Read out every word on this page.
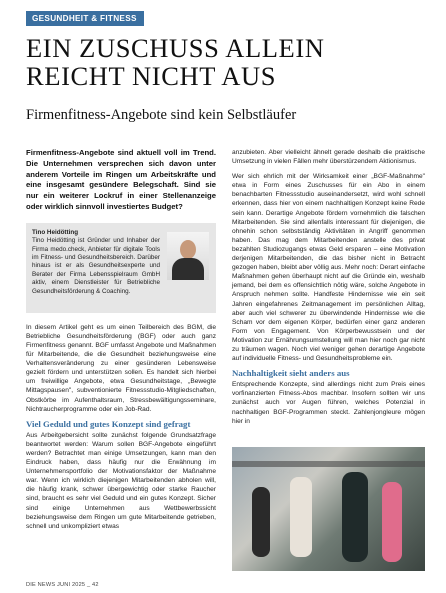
GESUNDHEIT & FITNESS
EIN ZUSCHUSS ALLEIN
REICHT NICHT AUS
Firmenfitness-Angebote sind kein Selbstläufer

Firmenfitness-Angebote sind aktuell voll im Trend. Die Unternehmen versprechen sich davon unter anderem Vorteile im Ringen um Arbeitskräfte und eine insgesamt gesündere Belegschaft. Sind sie nur ein weiterer Lockruf in einer Stellenanzeige oder wirklich sinnvoll investiertes Budget?

Tino Heidötting

Tino Heidötting ist Gründer und Inhaber der Firma medo.check, Anbieter für digitale Tools im Fitness- und Gesundheitsbereich. Darüber hinaus ist er als Gesundheitsexperte und Berater der Firma Lebensspielraum GmbH aktiv, einem Dienstleister für Betriebliche Gesundheitsförderung & Coaching.

In diesem Artikel geht es um einen Teilbereich des BGM, die Betriebliche Gesundheitsförderung (BGF) oder auch ganz Firmenfitness genannt. BGF umfasst Angebote und Maßnahmen für Mitarbeitende, die die Gesundheit beziehungsweise eine Verhaltensveränderung zu einer gesünderen Lebensweise gezielt fördern und unterstützen sollen. Es handelt sich hierbei um freiwillige Angebote, etwa Gesundheitstage, „Bewegte Mittagspausen", subventionierte Fitnessstudio-Mitgliedschaften, Obstkörbe im Aufenthaltsraum, Stressbewältigungsseminare, Nichtraucherprogramme oder ein Job-Rad.

Viel Geduld und gutes Konzept sind gefragt

Aus Arbeitgebersicht sollte zunächst folgende Grundsatzfrage beantwortet werden: Warum sollen BGF-Angebote eingeführt werden? Betrachtet man einige Umsetzungen, kann man den Eindruck haben, dass häufig nur die Erwähnung im Unternehmensportfolio der Motivationsfaktor der Maßnahme war. Wenn ich wirklich diejenigen Mitarbeitenden abholen will, die häufig krank, schwer übergewichtig oder starke Raucher sind, braucht es sehr viel Geduld und ein gutes Konzept. Sicher sind einige Unternehmen aus Wettbewerbssicht beziehungsweise dem Ringen um gute Mitarbeitende getrieben, schnell und unkompliziert etwas

anzubieten. Aber vielleicht ähnelt gerade deshalb die praktische Umsetzung in vielen Fällen mehr überstürzendem Aktionismus.

Wer sich ehrlich mit der Wirksamkeit einer „BGF-Maßnahme" etwa in Form eines Zuschusses für ein Abo in einem benachbarten Fitnessstudio auseinandersetzt, wird wohl schnell erkennen, dass hier von einem nachhaltigen Konzept keine Rede sein kann. Derartige Angebote fördern vornehmlich die falschen Mitarbeitenden. Sie sind allenfalls interessant für diejenigen, die ohnehin schon selbstständig Aktivitäten in Angriff genommen haben. Das mag dem Mitarbeitenden anstelle des privat bezahlten Studiozugangs etwas Geld ersparen – eine Motivation derjenigen Mitarbeitenden, die das bisher nicht in Betracht gezogen haben, bleibt aber völlig aus. Mehr noch: Derart einfache Maßnahmen gehen überhaupt nicht auf die Gründe ein, weshalb jemand, bei dem es offensichtlich nötig wäre, solche Angebote in Anspruch nehmen sollte. Handfeste Hindernisse wie ein seit Jahren eingefahrenes Zeitmanagement im persönlichen Alltag, aber auch viel schwerer zu überwindende Hindernisse wie die Scham vor dem eigenen Körper, bedürfen einer ganz anderen Form von Engagement. Von Körperbewusstsein und der Motivation zur Ernährungsumstellung will man hier noch gar nicht zu träumen wagen. Noch viel weniger gehen derartige Angebote auf individuelle Fitness- und Gesundheitsprobleme ein.

Nachhaltigkeit sieht anders aus

Entsprechende Konzepte, sind allerdings nicht zum Preis eines vorfinanzierten Fitness-Abos machbar. Insofern sollten wir uns zunächst auch vor Augen führen, welches Potenzial in nachhaltigen BGF-Programmen steckt. Zahlenjongleure mögen hier in

DIE NEWS JUNI 2025 _ 42
